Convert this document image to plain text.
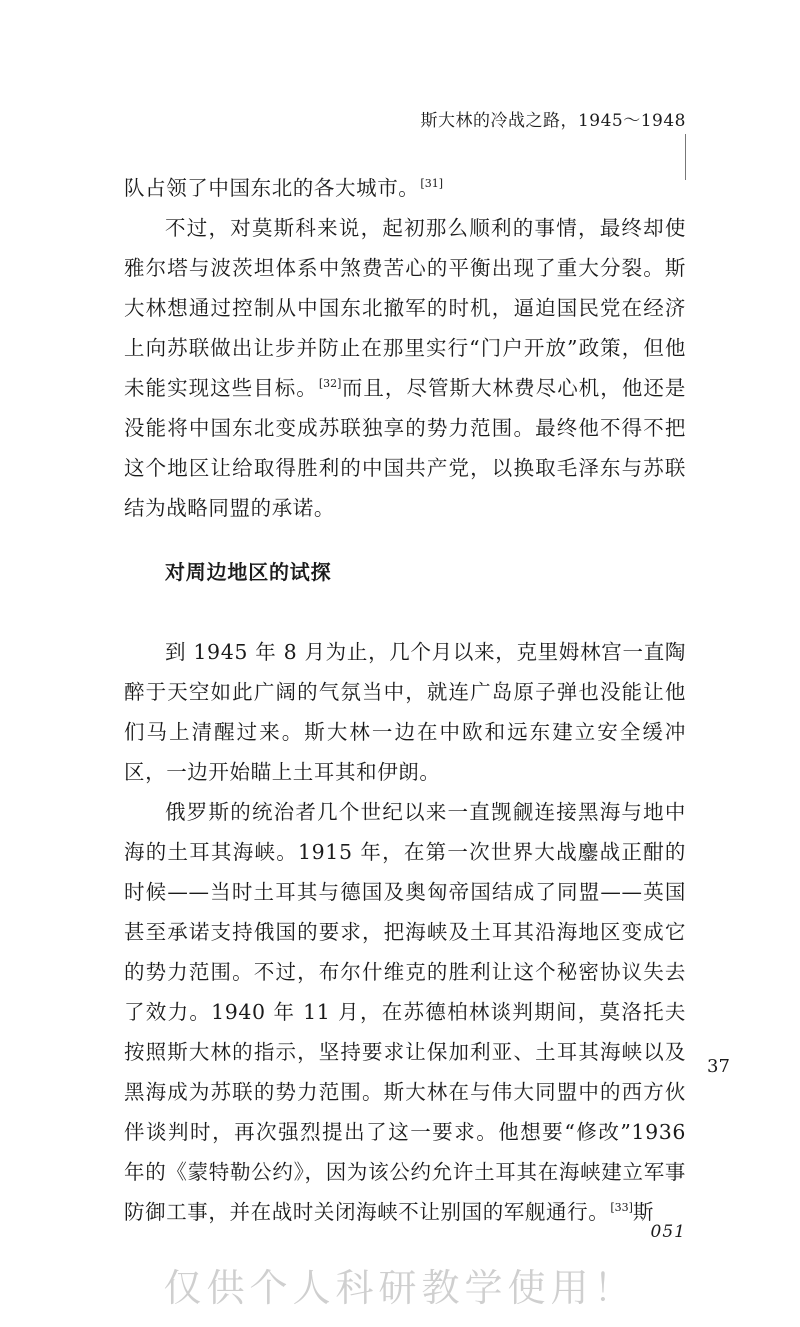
斯大林的冷战之路，1945～1948

队占领了中国东北的各大城市。[31]

不过，对莫斯科来说，起初那么顺利的事情，最终却使雅尔塔与波茨坦体系中煞费苦心的平衡出现了重大分裂。斯大林想通过控制从中国东北撤军的时机，逼迫国民党在经济上向苏联做出让步并防止在那里实行“门户开放”政策，但他未能实现这些目标。[32]而且，尽管斯大林费尽心机，他还是没能将中国东北变成苏联独享的势力范围。最终他不得不把这个地区让给取得胜利的中国共产党，以换取毛泽东与苏联结为战略同盟的承诺。

对周边地区的试探

到 1945 年 8 月为止，几个月以来，克里姆林宫一直陶醉于天空如此广阔的气氛当中，就连广岛原子弹也没能让他们马上清醒过来。斯大林一边在中欧和远东建立安全缓冲区，一边开始瞄上土耳其和伊朗。

俄罗斯的统治者几个世纪以来一直觊觎连接黑海与地中海的土耳其海峡。1915 年，在第一次世界大战鏖战正酣的时候——当时土耳其与德国及奥匈帝国结成了同盟——英国甚至承诺支持俄国的要求，把海峡及土耳其沿海地区变成它的势力范围。不过，布尔什维克的胜利让这个秘密协议失去了效力。1940 年 11 月，在苏德柏林谈判期间，莫洛托夫按照斯大林的指示，坚持要求让保加利亚、土耳其海峡以及黑海成为苏联的势力范围。斯大林在与伟大同盟中的西方伙伴谈判时，再次强烈提出了这一要求。他想要“修改”1936 年的《蒙特勒公约》，因为该公约允许土耳其在海峡建立军事防御工事，并在战时关闭海峡不让别国的军舰通行。[33]斯

37
051
仅供个人科研教学使用！
